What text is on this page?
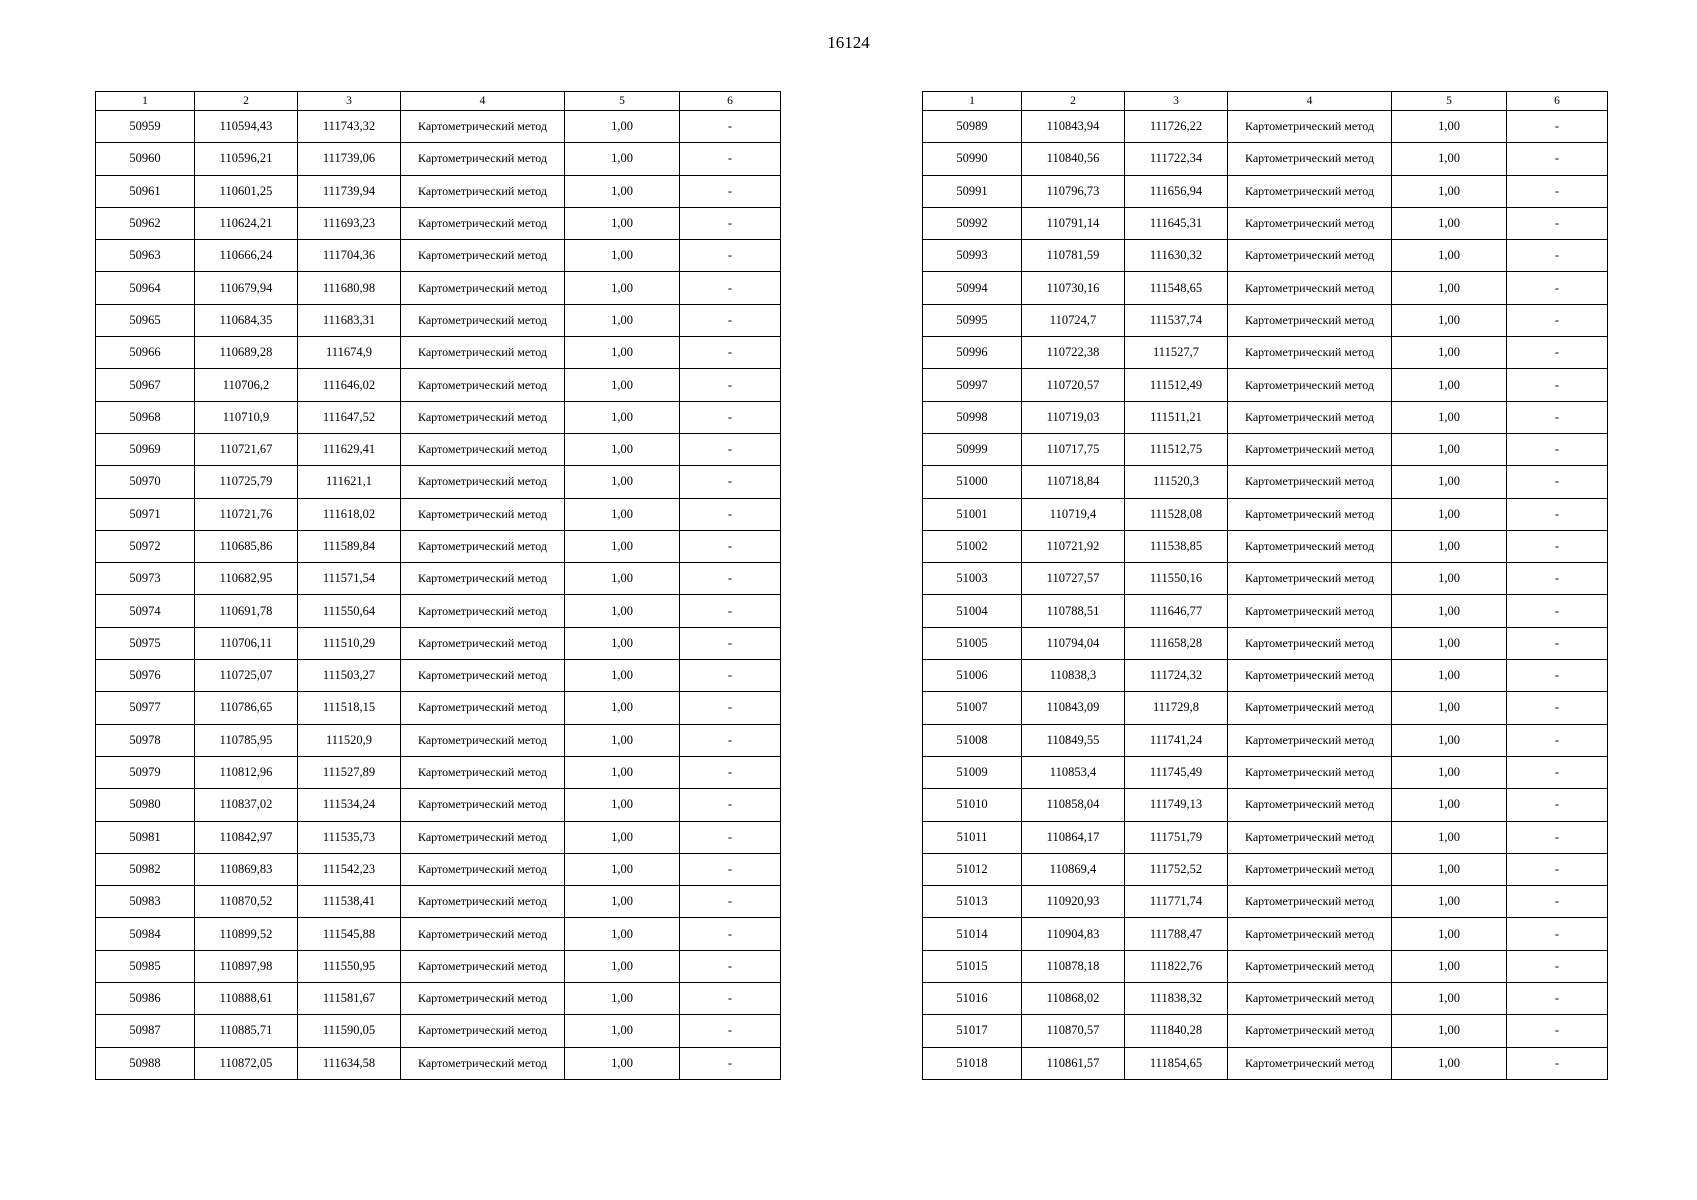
16124
1	2	3	4	5	6
50959	110594,43	111743,32	Картометрический метод	1,00	-
50960	110596,21	111739,06	Картометрический метод	1,00	-
50961	110601,25	111739,94	Картометрический метод	1,00	-
50962	110624,21	111693,23	Картометрический метод	1,00	-
50963	110666,24	111704,36	Картометрический метод	1,00	-
50964	110679,94	111680,98	Картометрический метод	1,00	-
50965	110684,35	111683,31	Картометрический метод	1,00	-
50966	110689,28	111674,9	Картометрический метод	1,00	-
50967	110706,2	111646,02	Картометрический метод	1,00	-
50968	110710,9	111647,52	Картометрический метод	1,00	-
50969	110721,67	111629,41	Картометрический метод	1,00	-
50970	110725,79	111621,1	Картометрический метод	1,00	-
50971	110721,76	111618,02	Картометрический метод	1,00	-
50972	110685,86	111589,84	Картометрический метод	1,00	-
50973	110682,95	111571,54	Картометрический метод	1,00	-
50974	110691,78	111550,64	Картометрический метод	1,00	-
50975	110706,11	111510,29	Картометрический метод	1,00	-
50976	110725,07	111503,27	Картометрический метод	1,00	-
50977	110786,65	111518,15	Картометрический метод	1,00	-
50978	110785,95	111520,9	Картометрический метод	1,00	-
50979	110812,96	111527,89	Картометрический метод	1,00	-
50980	110837,02	111534,24	Картометрический метод	1,00	-
50981	110842,97	111535,73	Картометрический метод	1,00	-
50982	110869,83	111542,23	Картометрический метод	1,00	-
50983	110870,52	111538,41	Картометрический метод	1,00	-
50984	110899,52	111545,88	Картометрический метод	1,00	-
50985	110897,98	111550,95	Картометрический метод	1,00	-
50986	110888,61	111581,67	Картометрический метод	1,00	-
50987	110885,71	111590,05	Картометрический метод	1,00	-
50988	110872,05	111634,58	Картометрический метод	1,00	-
1	2	3	4	5	6
50989	110843,94	111726,22	Картометрический метод	1,00	-
50990	110840,56	111722,34	Картометрический метод	1,00	-
50991	110796,73	111656,94	Картометрический метод	1,00	-
50992	110791,14	111645,31	Картометрический метод	1,00	-
50993	110781,59	111630,32	Картометрический метод	1,00	-
50994	110730,16	111548,65	Картометрический метод	1,00	-
50995	110724,7	111537,74	Картометрический метод	1,00	-
50996	110722,38	111527,7	Картометрический метод	1,00	-
50997	110720,57	111512,49	Картометрический метод	1,00	-
50998	110719,03	111511,21	Картометрический метод	1,00	-
50999	110717,75	111512,75	Картометрический метод	1,00	-
51000	110718,84	111520,3	Картометрический метод	1,00	-
51001	110719,4	111528,08	Картометрический метод	1,00	-
51002	110721,92	111538,85	Картометрический метод	1,00	-
51003	110727,57	111550,16	Картометрический метод	1,00	-
51004	110788,51	111646,77	Картометрический метод	1,00	-
51005	110794,04	111658,28	Картометрический метод	1,00	-
51006	110838,3	111724,32	Картометрический метод	1,00	-
51007	110843,09	111729,8	Картометрический метод	1,00	-
51008	110849,55	111741,24	Картометрический метод	1,00	-
51009	110853,4	111745,49	Картометрический метод	1,00	-
51010	110858,04	111749,13	Картометрический метод	1,00	-
51011	110864,17	111751,79	Картометрический метод	1,00	-
51012	110869,4	111752,52	Картометрический метод	1,00	-
51013	110920,93	111771,74	Картометрический метод	1,00	-
51014	110904,83	111788,47	Картометрический метод	1,00	-
51015	110878,18	111822,76	Картометрический метод	1,00	-
51016	110868,02	111838,32	Картометрический метод	1,00	-
51017	110870,57	111840,28	Картометрический метод	1,00	-
51018	110861,57	111854,65	Картометрический метод	1,00	-
